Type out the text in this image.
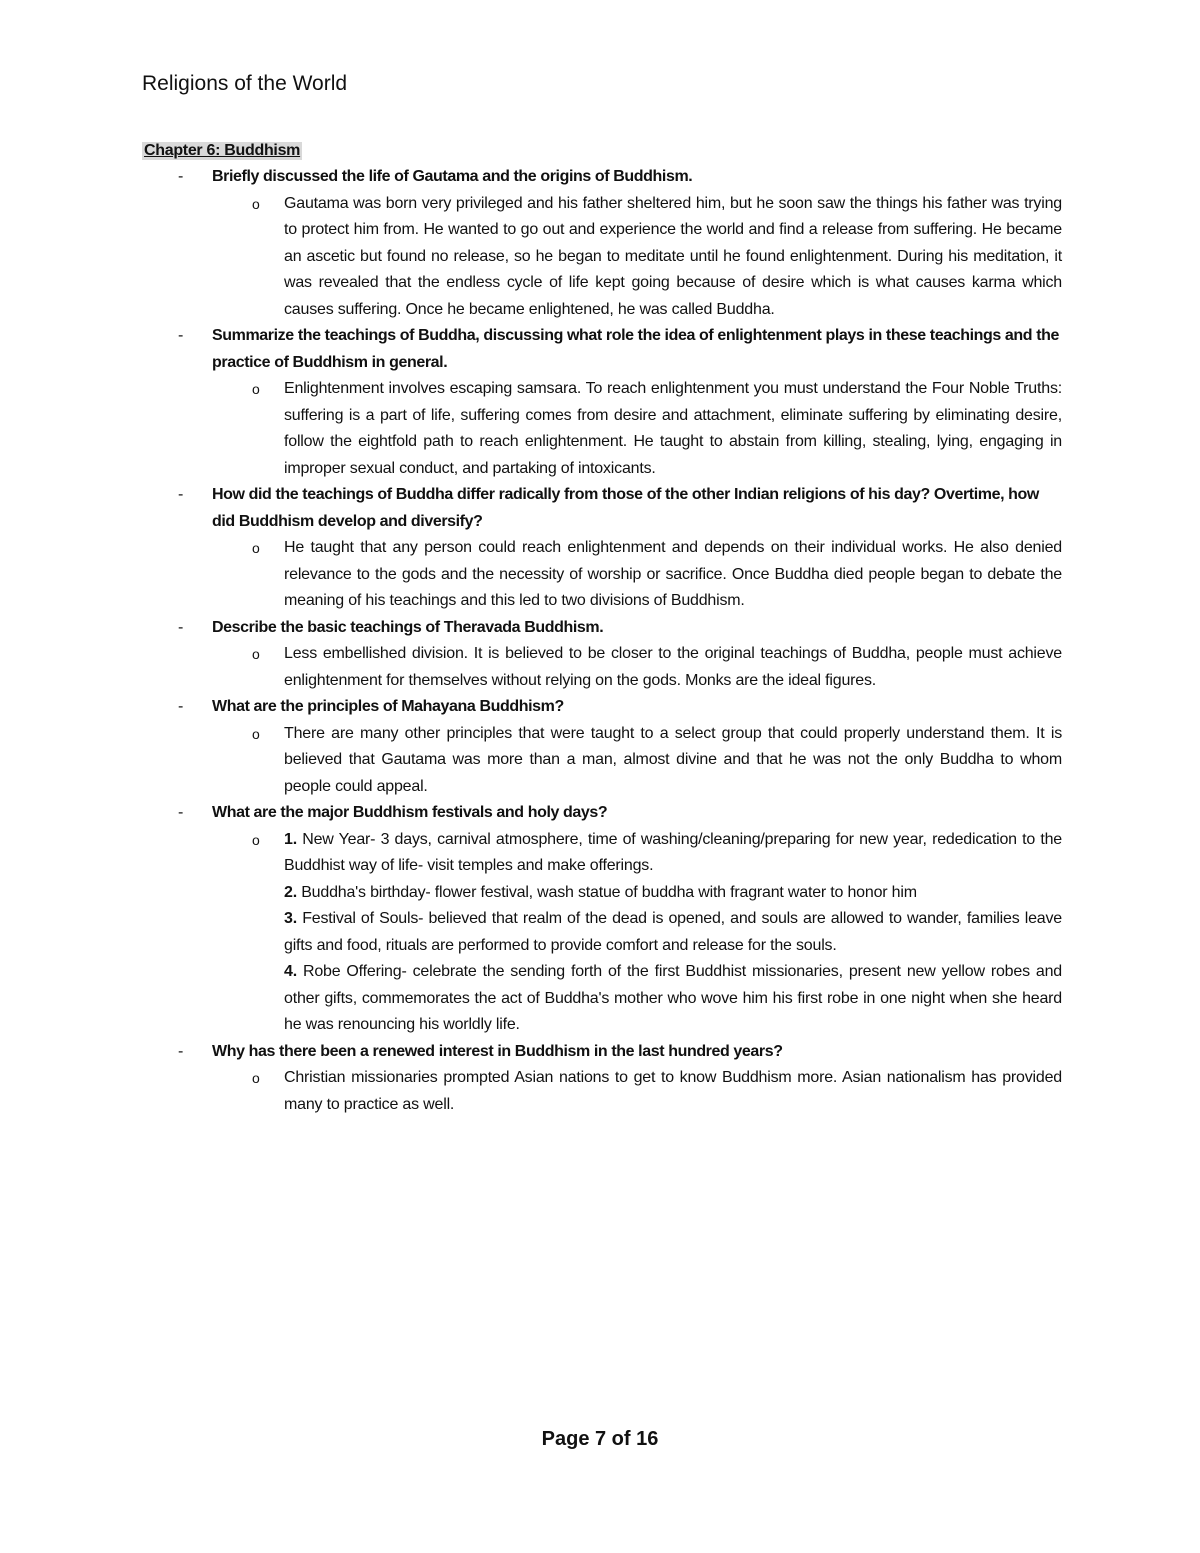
Religions of the World
Chapter 6: Buddhism
- Briefly discussed the life of Gautama and the origins of Buddhism.
o Gautama was born very privileged and his father sheltered him, but he soon saw the things his father was trying to protect him from. He wanted to go out and experience the world and find a release from suffering. He became an ascetic but found no release, so he began to meditate until he found enlightenment. During his meditation, it was revealed that the endless cycle of life kept going because of desire which is what causes karma which causes suffering. Once he became enlightened, he was called Buddha.
- Summarize the teachings of Buddha, discussing what role the idea of enlightenment plays in these teachings and the practice of Buddhism in general.
o Enlightenment involves escaping samsara. To reach enlightenment you must understand the Four Noble Truths: suffering is a part of life, suffering comes from desire and attachment, eliminate suffering by eliminating desire, follow the eightfold path to reach enlightenment. He taught to abstain from killing, stealing, lying, engaging in improper sexual conduct, and partaking of intoxicants.
- How did the teachings of Buddha differ radically from those of the other Indian religions of his day? Overtime, how did Buddhism develop and diversify?
o He taught that any person could reach enlightenment and depends on their individual works. He also denied relevance to the gods and the necessity of worship or sacrifice. Once Buddha died people began to debate the meaning of his teachings and this led to two divisions of Buddhism.
- Describe the basic teachings of Theravada Buddhism.
o Less embellished division. It is believed to be closer to the original teachings of Buddha, people must achieve enlightenment for themselves without relying on the gods. Monks are the ideal figures.
- What are the principles of Mahayana Buddhism?
o There are many other principles that were taught to a select group that could properly understand them. It is believed that Gautama was more than a man, almost divine and that he was not the only Buddha to whom people could appeal.
- What are the major Buddhism festivals and holy days?
o 1. New Year- 3 days, carnival atmosphere, time of washing/cleaning/preparing for new year, rededication to the Buddhist way of life- visit temples and make offerings.

2. Buddha's birthday- flower festival, wash statue of buddha with fragrant water to honor him

3. Festival of Souls- believed that realm of the dead is opened, and souls are allowed to wander, families leave gifts and food, rituals are performed to provide comfort and release for the souls.

4. Robe Offering- celebrate the sending forth of the first Buddhist missionaries, present new yellow robes and other gifts, commemorates the act of Buddha's mother who wove him his first robe in one night when she heard he was renouncing his worldly life.

- Why has there been a renewed interest in Buddhism in the last hundred years?
o Christian missionaries prompted Asian nations to get to know Buddhism more. Asian nationalism has provided many to practice as well.
Page 7 of 16
